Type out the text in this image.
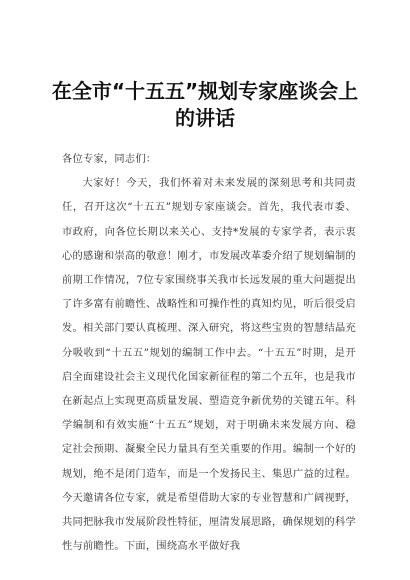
在全市“十五五”规划专家座谈会上
的讲话

各位专家，同志们：

大家好！今天，我们怀着对未来发展的深刻思考和共同责任，召开这次“十五五”规划专家座谈会。首先，我代表市委、市政府，向各位长期以来关心、支持*发展的专家学者，表示衷心的感谢和崇高的敬意！刚才，市发展改革委介绍了规划编制的前期工作情况，7位专家围绕事关我市长远发展的重大问题提出了许多富有前瞻性、战略性和可操作性的真知灼见，听后很受启发。相关部门要认真梳理、深入研究，将这些宝贵的智慧结晶充分吸收到“十五五”规划的编制工作中去。“十五五”时期，是开启全面建设社会主义现代化国家新征程的第二个五年，也是我市在新起点上实现更高质量发展、塑造竞争新优势的关键五年。科学编制和有效实施“十五五”规划，对于明确未来发展方向、稳定社会预期、凝聚全民力量具有至关重要的作用。编制一个好的规划，绝不是闭门造车，而是一个发扬民主、集思广益的过程。今天邀请各位专家，就是希望借助大家的专业智慧和广阔视野，共同把脉我市发展阶段性特征，厘清发展思路，确保规划的科学性与前瞻性。下面，围绕高水平做好我
